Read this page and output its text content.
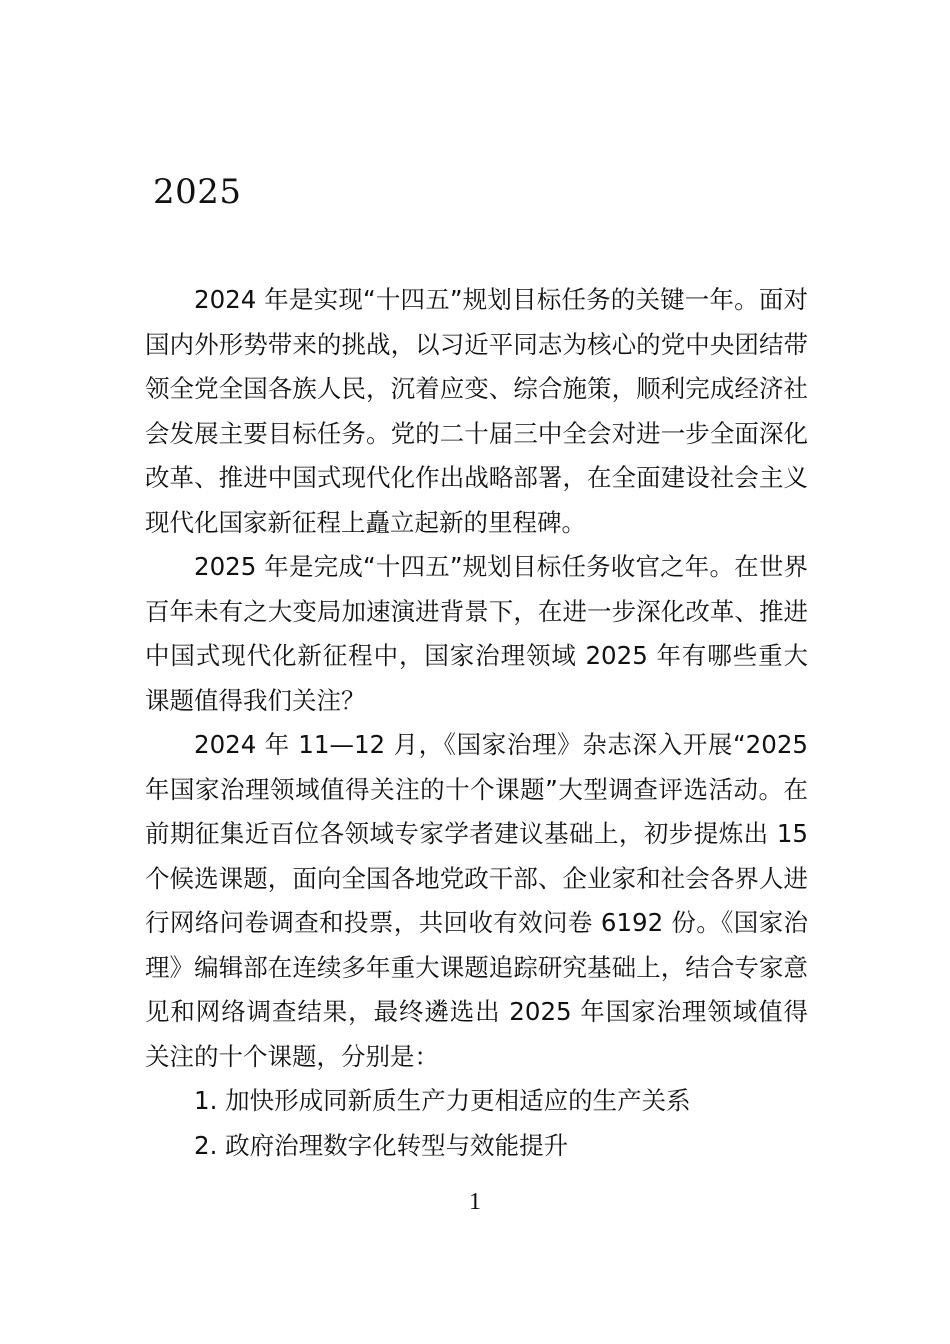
2025

2024 年是实现“十四五”规划目标任务的关键一年。面对国内外形势带来的挑战，以习近平同志为核心的党中央团结带领全党全国各族人民，沉着应变、综合施策，顺利完成经济社会发展主要目标任务。党的二十届三中全会对进一步全面深化改革、推进中国式现代化作出战略部署，在全面建设社会主义现代化国家新征程上矗立起新的里程碑。

2025 年是完成“十四五”规划目标任务收官之年。在世界百年未有之大变局加速演进背景下，在进一步深化改革、推进中国式现代化新征程中，国家治理领域 2025 年有哪些重大课题值得我们关注？

2024 年 11—12 月，《国家治理》杂志深入开展“2025 年国家治理领域值得关注的十个课题”大型调查评选活动。在前期征集近百位各领域专家学者建议基础上，初步提炼出 15 个候选课题，面向全国各地党政干部、企业家和社会各界人进行网络问卷调查和投票，共回收有效问卷 6192 份。《国家治理》编辑部在连续多年重大课题追踪研究基础上，结合专家意见和网络调查结果，最终遴选出 2025 年国家治理领域值得关注的十个课题，分别是：

1. 加快形成同新质生产力更相适应的生产关系

2. 政府治理数字化转型与效能提升

1
